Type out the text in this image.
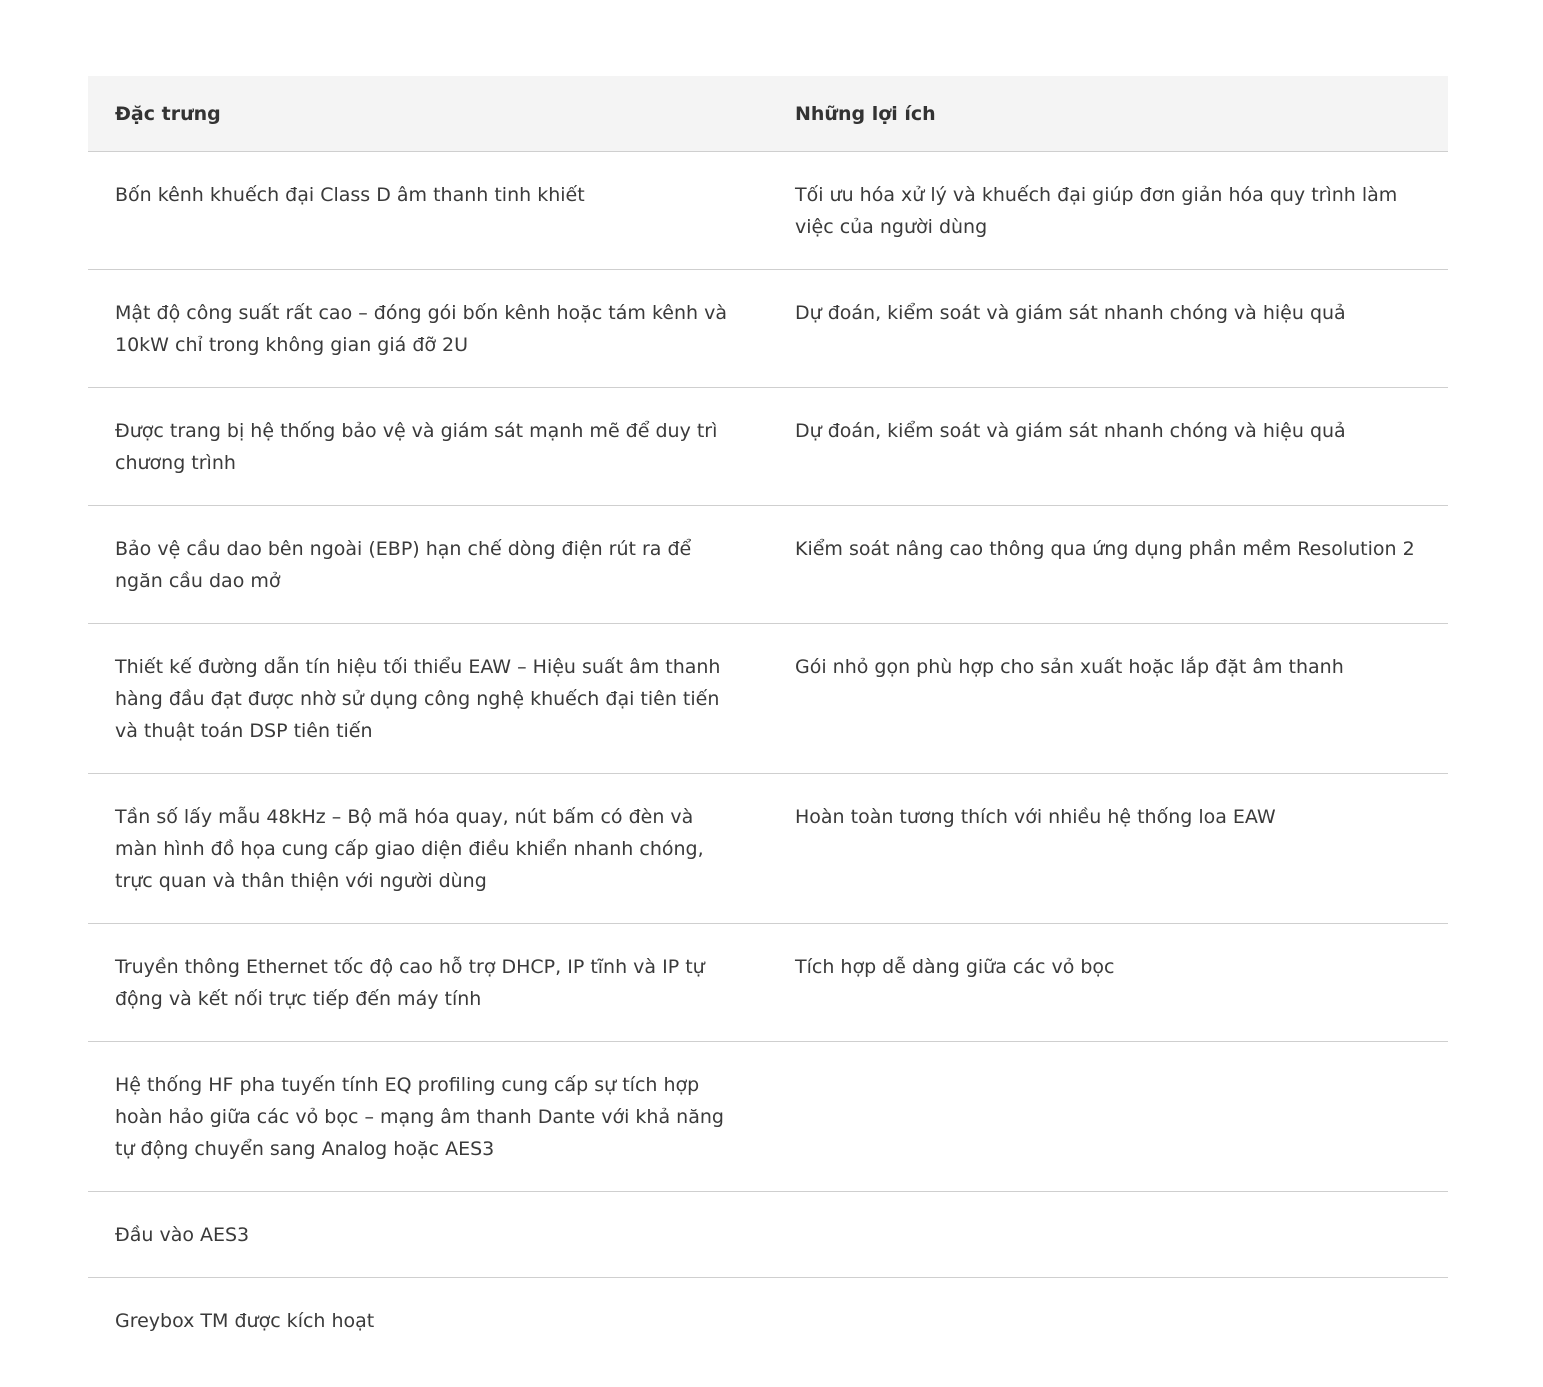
Đặc trưng	Những lợi ích
Bốn kênh khuếch đại Class D âm thanh tinh khiết	Tối ưu hóa xử lý và khuếch đại giúp đơn giản hóa quy trình làm việc của người dùng
Mật độ công suất rất cao – đóng gói bốn kênh hoặc tám kênh và 10kW chỉ trong không gian giá đỡ 2U	Dự đoán, kiểm soát và giám sát nhanh chóng và hiệu quả
Được trang bị hệ thống bảo vệ và giám sát mạnh mẽ để duy trì chương trình	Dự đoán, kiểm soát và giám sát nhanh chóng và hiệu quả
Bảo vệ cầu dao bên ngoài (EBP) hạn chế dòng điện rút ra để ngăn cầu dao mở	Kiểm soát nâng cao thông qua ứng dụng phần mềm Resolution 2
Thiết kế đường dẫn tín hiệu tối thiểu EAW – Hiệu suất âm thanh hàng đầu đạt được nhờ sử dụng công nghệ khuếch đại tiên tiến và thuật toán DSP tiên tiến	Gói nhỏ gọn phù hợp cho sản xuất hoặc lắp đặt âm thanh
Tần số lấy mẫu 48kHz – Bộ mã hóa quay, nút bấm có đèn và màn hình đồ họa cung cấp giao diện điều khiển nhanh chóng, trực quan và thân thiện với người dùng	Hoàn toàn tương thích với nhiều hệ thống loa EAW
Truyền thông Ethernet tốc độ cao hỗ trợ DHCP, IP tĩnh và IP tự động và kết nối trực tiếp đến máy tính	Tích hợp dễ dàng giữa các vỏ bọc
Hệ thống HF pha tuyến tính EQ profiling cung cấp sự tích hợp hoàn hảo giữa các vỏ bọc – mạng âm thanh Dante với khả năng tự động chuyển sang Analog hoặc AES3	
Đầu vào AES3	
Greybox TM được kích hoạt	
